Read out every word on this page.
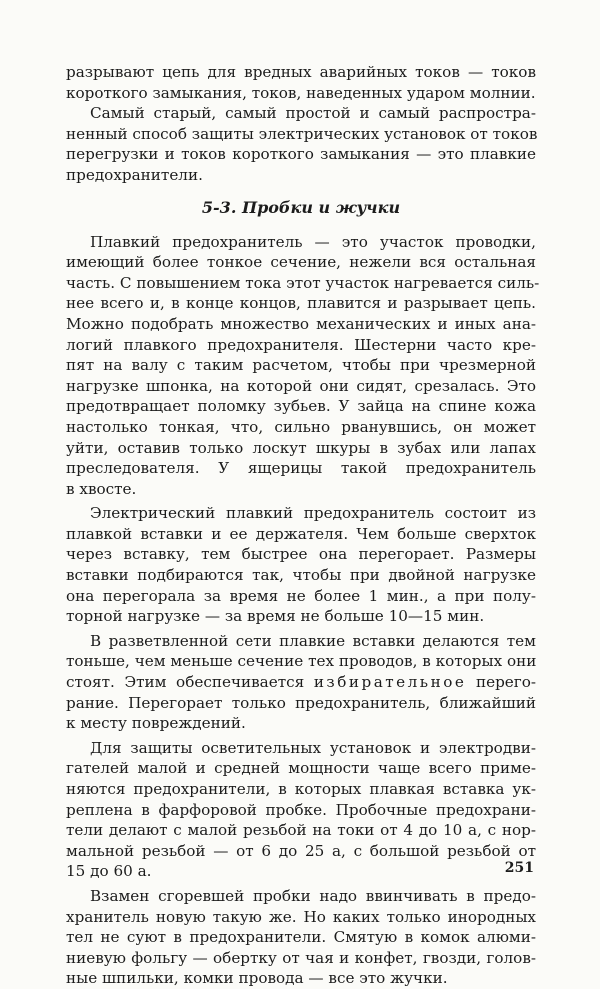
разрывают цепь для вредных аварийных токов — токов
короткого замыкания, токов, наведенных ударом молнии.
Самый старый, самый простой и самый распростра-
ненный способ защиты электрических установок от токов
перегрузки и токов короткого замыкания — это плавкие
предохранители.
5-3. Пробки и жучки
Плавкий предохранитель — это участок проводки,
имеющий более тонкое сечение, нежели вся остальная
часть. С повышением тока этот участок нагревается силь-
нее всего и, в конце концов, плавится и разрывает цепь.
Можно подобрать множество механических и иных ана-
логий плавкого предохранителя. Шестерни часто кре-
пят на валу с таким расчетом, чтобы при чрезмерной
нагрузке шпонка, на которой они сидят, срезалась. Это
предотвращает поломку зубьев. У зайца на спине кожа
настолько тонкая, что, сильно рванувшись, он может
уйти, оставив только лоскут шкуры в зубах или лапах
преследователя. У ящерицы такой предохранитель
в хвосте.
Электрический плавкий предохранитель состоит из
плавкой вставки и ее держателя. Чем больше сверхток
через вставку, тем быстрее она перегорает. Размеры
вставки подбираются так, чтобы при двойной нагрузке
она перегорала за время не более 1 мин., а при полу-
торной нагрузке — за время не больше 10—15 мин.
В разветвленной сети плавкие вставки делаются тем
тоньше, чем меньше сечение тех проводов, в которых они
стоят. Этим обеспечивается избирательное перего-
рание. Перегорает только предохранитель, ближайший
к месту повреждений.
Для защиты осветительных установок и электродви-
гателей малой и средней мощности чаще всего приме-
няются предохранители, в которых плавкая вставка ук-
реплена в фарфоровой пробке. Пробочные предохрани-
тели делают с малой резьбой на токи от 4 до 10 а, с нор-
мальной резьбой — от 6 до 25 а, с большой резьбой от
15 до 60 а.
Взамен сгоревшей пробки надо ввинчивать в предо-
хранитель новую такую же. Но каких только инородных
тел не суют в предохранители. Смятую в комок алюми-
ниевую фольгу — обертку от чая и конфет, гвозди, голов-
ные шпильки, комки провода — все это жучки.
251
